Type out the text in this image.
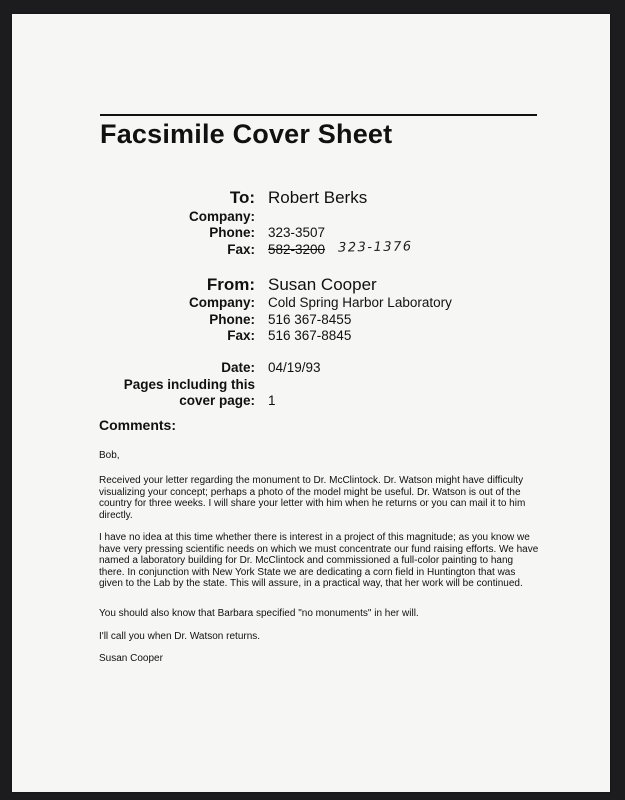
Facsimile Cover Sheet
To: Robert Berks
Company:
Phone: 323-3507
Fax: 582-3200 323-1376
From: Susan Cooper
Company: Cold Spring Harbor Laboratory
Phone: 516 367-8455
Fax: 516 367-8845
Date: 04/19/93
Pages including this
cover page: 1
Comments:
Bob,
Received your letter regarding the monument to Dr. McClintock. Dr. Watson might have difficulty visualizing your concept; perhaps a photo of the model might be useful. Dr. Watson is out of the country for three weeks. I will share your letter with him when he returns or you can mail it to him directly.
I have no idea at this time whether there is interest in a project of this magnitude; as you know we have very pressing scientific needs on which we must concentrate our fund raising efforts. We have named a laboratory building for Dr. McClintock and commissioned a full-color painting to hang there. In conjunction with New York State we are dedicating a corn field in Huntington that was given to the Lab by the state. This will assure, in a practical way, that her work will be continued.
You should also know that Barbara specified "no monuments" in her will.
I'll call you when Dr. Watson returns.
Susan Cooper
